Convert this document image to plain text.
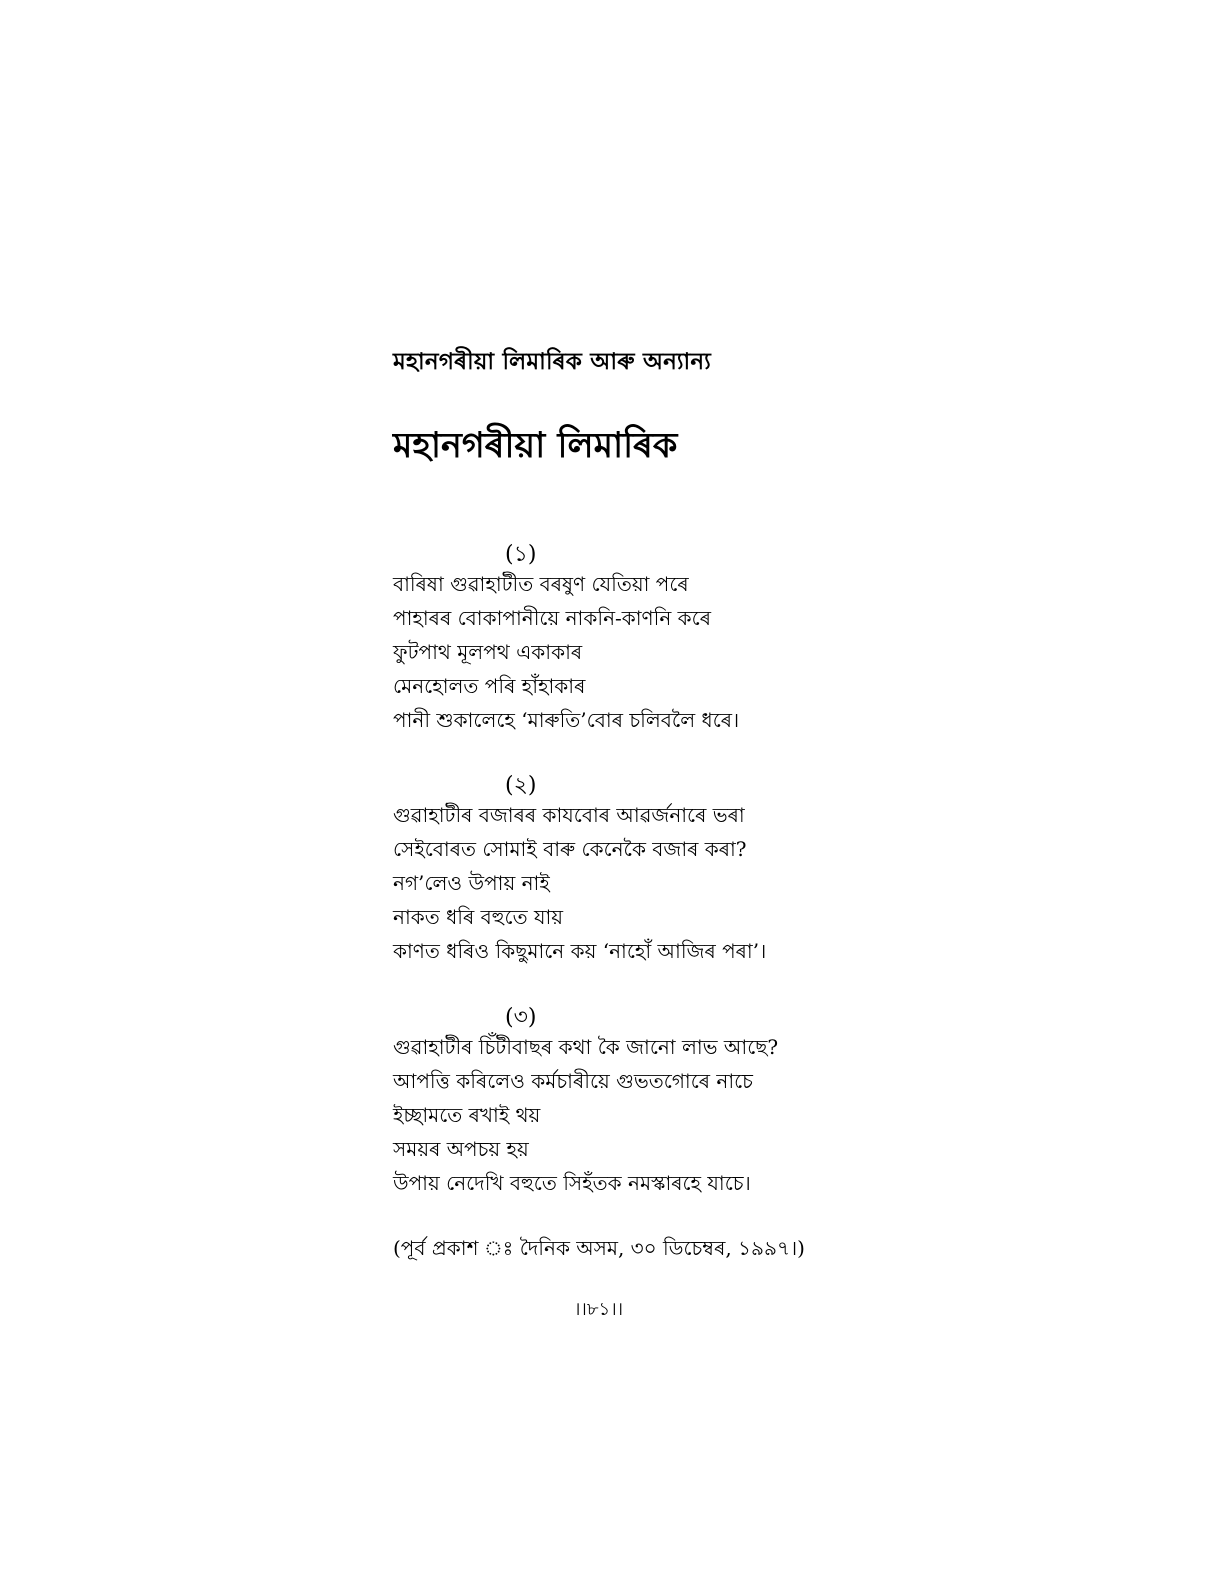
মহানগৰীয়া লিমাৰিক আৰু অন্যান্য
মহানগৰীয়া লিমাৰিক
(১)
বাৰিষা গুৱাহাটীত বৰষুণ যেতিয়া পৰে
পাহাৰৰ বোকাপানীয়ে নাকনি-কাণনি কৰে
ফুটপাথ মূলপথ একাকাৰ
মেনহোলত পৰি হাঁহাকাৰ
পানী শুকালেহে ‘মাৰুতি’বোৰ চলিবলৈ ধৰে।
(২)
গুৱাহাটীৰ বজাৰৰ কাযবোৰ আৱৰ্জনাৰে ভৰা
সেইবোৰত সোমাই বাৰু কেনেকৈ বজাৰ কৰা?
নগ’লেও উপায় নাই
নাকত ধৰি বহুতে যায়
কাণত ধৰিও কিছুমানে কয় ‘নাহোঁ আজিৰ পৰা’।
(৩)
গুৱাহাটীৰ চিঁটীবাছৰ কথা কৈ জানো লাভ আছে?
আপত্তি কৰিলেও কৰ্মচাৰীয়ে গুভতগোৰে নাচে
ইচ্ছামতে ৰখাই থয়
সময়ৰ অপচয় হয়
উপায় নেদেখি বহুতে সিহঁতক নমস্কাৰহে যাচে।
(পূৰ্ব প্ৰকাশ ঃ দৈনিক অসম, ৩০ ডিচেম্বৰ, ১৯৯৭।)
।।৮১।।
